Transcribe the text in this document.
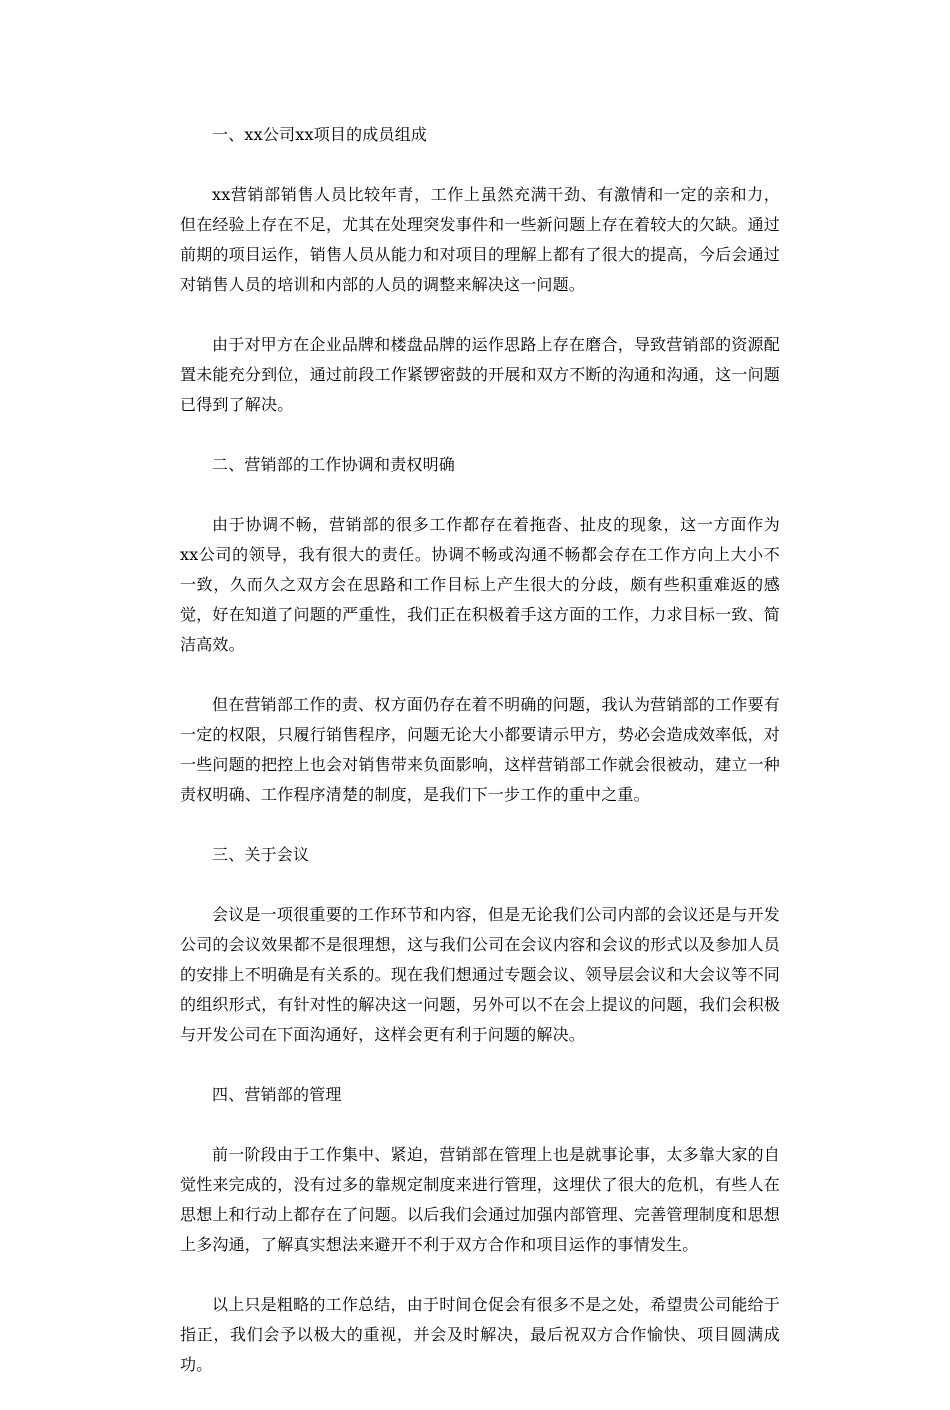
一、xx公司xx项目的成员组成

xx营销部销售人员比较年青，工作上虽然充满干劲、有激情和一定的亲和力，但在经验上存在不足，尤其在处理突发事件和一些新问题上存在着较大的欠缺。通过前期的项目运作，销售人员从能力和对项目的理解上都有了很大的提高，今后会通过对销售人员的培训和内部的人员的调整来解决这一问题。

由于对甲方在企业品牌和楼盘品牌的运作思路上存在磨合，导致营销部的资源配置未能充分到位，通过前段工作紧锣密鼓的开展和双方不断的沟通和沟通，这一问题已得到了解决。

二、营销部的工作协调和责权明确

由于协调不畅，营销部的很多工作都存在着拖沓、扯皮的现象，这一方面作为xx公司的领导，我有很大的责任。协调不畅或沟通不畅都会存在工作方向上大小不一致，久而久之双方会在思路和工作目标上产生很大的分歧，颇有些积重难返的感觉，好在知道了问题的严重性，我们正在积极着手这方面的工作，力求目标一致、简洁高效。

但在营销部工作的责、权方面仍存在着不明确的问题，我认为营销部的工作要有一定的权限，只履行销售程序，问题无论大小都要请示甲方，势必会造成效率低，对一些问题的把控上也会对销售带来负面影响，这样营销部工作就会很被动，建立一种责权明确、工作程序清楚的制度，是我们下一步工作的重中之重。

三、关于会议

会议是一项很重要的工作环节和内容，但是无论我们公司内部的会议还是与开发公司的会议效果都不是很理想，这与我们公司在会议内容和会议的形式以及参加人员的安排上不明确是有关系的。现在我们想通过专题会议、领导层会议和大会议等不同的组织形式，有针对性的解决这一问题，另外可以不在会上提议的问题，我们会积极与开发公司在下面沟通好，这样会更有利于问题的解决。

四、营销部的管理

前一阶段由于工作集中、紧迫，营销部在管理上也是就事论事，太多靠大家的自觉性来完成的，没有过多的靠规定制度来进行管理，这埋伏了很大的危机，有些人在思想上和行动上都存在了问题。以后我们会通过加强内部管理、完善管理制度和思想上多沟通，了解真实想法来避开不利于双方合作和项目运作的事情发生。

以上只是粗略的工作总结，由于时间仓促会有很多不是之处，希望贵公司能给于指正，我们会予以极大的重视，并会及时解决，最后祝双方合作愉快、项目圆满成功。
